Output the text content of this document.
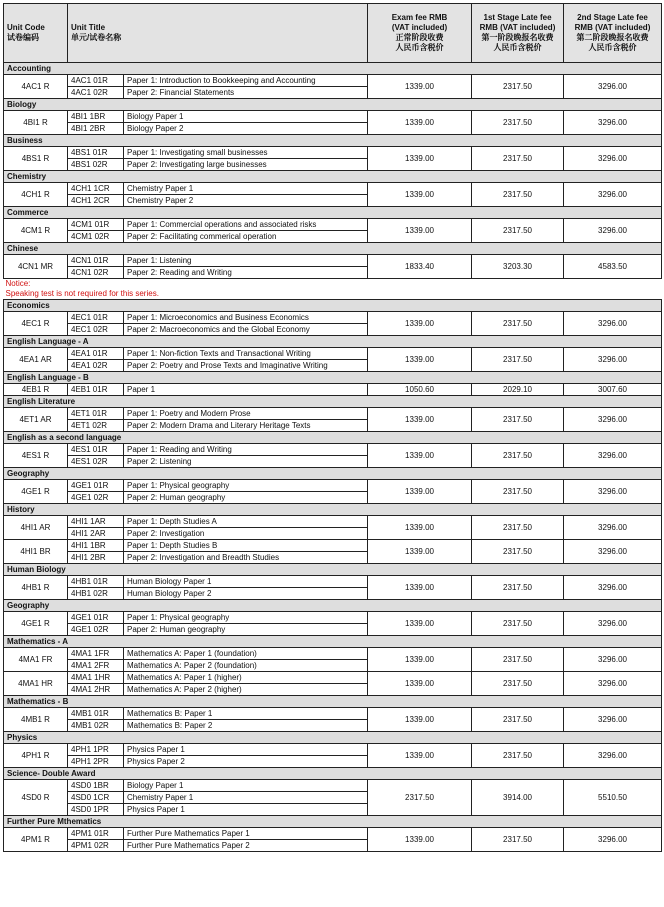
Unit Code
试卷编码	Unit Title
单元/试卷名称		Exam fee RMB
(VAT included)
正常阶段收费
人民币含税价	1st Stage Late fee
RMB (VAT included)
第一阶段晚报名收费
人民币含税价	2nd Stage Late fee
RMB (VAT included)
第二阶段晚报名收费
人民币含税价

Accounting					
4AC1 R	4AC1 01R	Paper 1: Introduction to Bookkeeping and Accounting	1339.00	2317.50	3296.00
	4AC1 02R	Paper 2: Financial Statements			
Biology					
4BI1 R	4BI1 1BR	Biology Paper 1	1339.00	2317.50	3296.00
	4BI1 2BR	Biology Paper 2			
Business					
4BS1 R	4BS1 01R	Paper 1: Investigating small businesses	1339.00	2317.50	3296.00
	4BS1 02R	Paper 2: Investigating large businesses			
Chemistry					
4CH1 R	4CH1 1CR	Chemistry Paper 1	1339.00	2317.50	3296.00
	4CH1 2CR	Chemistry Paper 2			
Commerce					
4CM1 R	4CM1 01R	Paper 1: Commercial operations and associated risks	1339.00	2317.50	3296.00
	4CM1 02R	Paper 2: Facilitating commerical operation			
Chinese					
4CN1 MR	4CN1 01R	Paper 1: Listening	1833.40	3203.30	4583.50
	4CN1 02R	Paper 2: Reading and Writing			
Notice:					
Speaking test is not required for this series.					
Economics					
4EC1 R	4EC1 01R	Paper 1: Microeconomics and Business Economics	1339.00	2317.50	3296.00
	4EC1 02R	Paper 2: Macroeconomics and the Global Economy			
English Language - A					
4EA1 AR	4EA1 01R	Paper 1: Non-fiction Texts and Transactional Writing	1339.00	2317.50	3296.00
	4EA1 02R	Paper 2: Poetry and Prose Texts and Imaginative Writing			
English Language - B					
4EB1 R	4EB1 01R	Paper 1	1050.60	2029.10	3007.60
English Literature					
4ET1 AR	4ET1 01R	Paper 1: Poetry and Modern Prose	1339.00	2317.50	3296.00
	4ET1 02R	Paper 2: Modern Drama and Literary Heritage Texts			
English as a second language					
4ES1 R	4ES1 01R	Paper 1: Reading and Writing	1339.00	2317.50	3296.00
	4ES1 02R	Paper 2: Listening			
Geography					
4GE1 R	4GE1 01R	Paper 1: Physical geography	1339.00	2317.50	3296.00
	4GE1 02R	Paper 2: Human geography			
History					
4HI1 AR	4HI1 1AR	Paper 1: Depth Studies A	1339.00	2317.50	3296.00
	4HI1 2AR	Paper 2: Investigation			
4HI1 BR	4HI1 1BR	Paper 1: Depth Studies B	1339.00	2317.50	3296.00
	4HI1 2BR	Paper 2: Investigation and Breadth Studies			
Human Biology					
4HB1 R	4HB1 01R	Human Biology Paper 1	1339.00	2317.50	3296.00
	4HB1 02R	Human Biology Paper 2			
Geography					
4GE1 R	4GE1 01R	Paper 1: Physical geography	1339.00	2317.50	3296.00
	4GE1 02R	Paper 2: Human geography			
Mathematics - A					
4MA1 FR	4MA1 1FR	Mathematics A: Paper 1 (foundation)	1339.00	2317.50	3296.00
	4MA1 2FR	Mathematics A: Paper 2 (foundation)			
4MA1 HR	4MA1 1HR	Mathematics A: Paper 1 (higher)	1339.00	2317.50	3296.00
	4MA1 2HR	Mathematics A: Paper 2 (higher)			
Mathematics - B					
4MB1 R	4MB1 01R	Mathematics B: Paper 1	1339.00	2317.50	3296.00
	4MB1 02R	Mathematics B: Paper 2			
Physics					
4PH1 R	4PH1 1PR	Physics Paper 1	1339.00	2317.50	3296.00
	4PH1 2PR	Physics Paper 2			
Science- Double Award					
4SD0 R	4SD0 1BR	Biology Paper 1	2317.50	3914.00	5510.50
	4SD0 1CR	Chemistry Paper 1			
	4SD0 1PR	Physics Paper 1			
Further Pure Mthematics					
4PM1 R	4PM1 01R	Further Pure Mathematics Paper 1	1339.00	2317.50	3296.00
	4PM1 02R	Further Pure Mathematics Paper 2			
